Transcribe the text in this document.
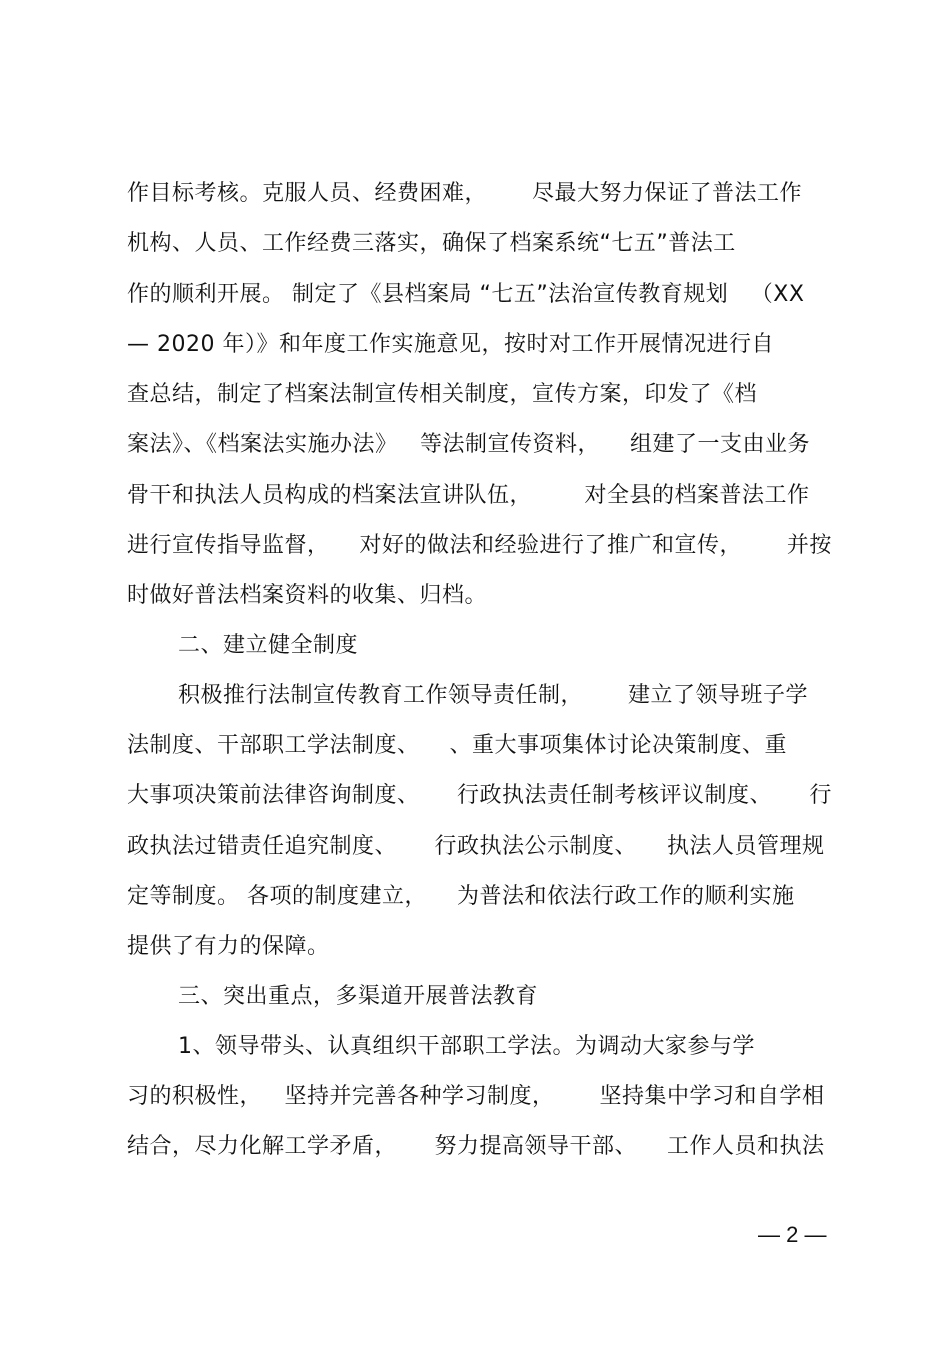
作目标考核。克服人员、经费困难，      尽最大努力保证了普法工作
机构、人员、工作经费三落实，确保了档案系统“七五”普法工
作的顺利开展。 制定了《县档案局 “七五”法治宣传教育规划   （XX
— 2020 年）》和年度工作实施意见，按时对工作开展情况进行自
查总结，制定了档案法制宣传相关制度，宣传方案，印发了《档
案法》、《档案法实施办法》   等法制宣传资料，    组建了一支由业务
骨干和执法人员构成的档案法宣讲队伍，       对全县的档案普法工作
进行宣传指导监督，    对好的做法和经验进行了推广和宣传，      并按
时做好普法档案资料的收集、归档。
二、建立健全制度
积极推行法制宣传教育工作领导责任制，      建立了领导班子学
法制度、干部职工学法制度、    、重大事项集体讨论决策制度、重
大事项决策前法律咨询制度、     行政执法责任制考核评议制度、     行
政执法过错责任追究制度、     行政执法公示制度、    执法人员管理规
定等制度。 各项的制度建立，    为普法和依法行政工作的顺利实施
提供了有力的保障。
三、突出重点，多渠道开展普法教育
1、领导带头、认真组织干部职工学法。为调动大家参与学
习的积极性，   坚持并完善各种学习制度，      坚持集中学习和自学相
结合，尽力化解工学矛盾，     努力提高领导干部、    工作人员和执法
— 2 —
